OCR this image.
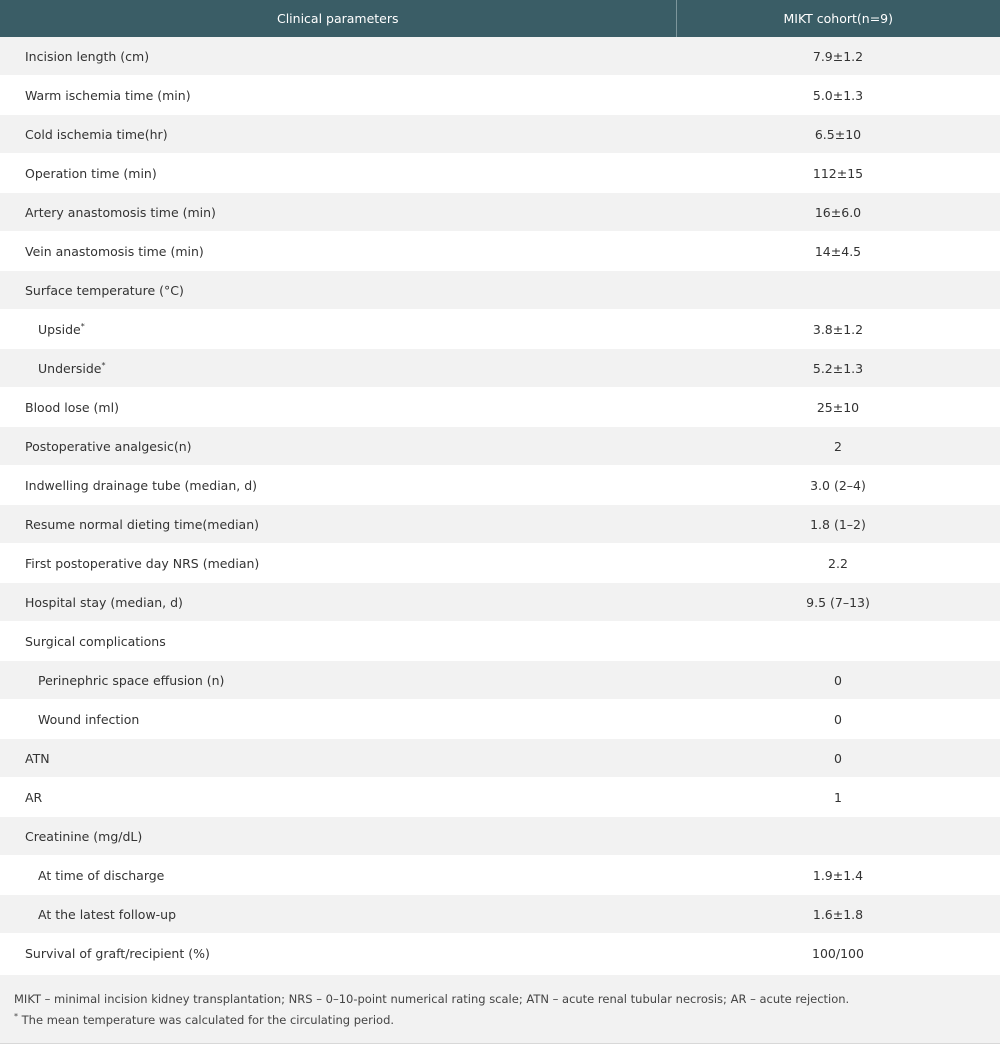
Clinical parameters	MIKT cohort(n=9)
Incision length (cm)	7.9±1.2
Warm ischemia time (min)	5.0±1.3
Cold ischemia time(hr)	6.5±10
Operation time (min)	112±15
Artery anastomosis time (min)	16±6.0
Vein anastomosis time (min)	14±4.5
Surface temperature (°C)	
Upside*	3.8±1.2
Underside*	5.2±1.3
Blood lose (ml)	25±10
Postoperative analgesic(n)	2
Indwelling drainage tube (median, d)	3.0 (2–4)
Resume normal dieting time(median)	1.8 (1–2)
First postoperative day NRS (median)	2.2
Hospital stay (median, d)	9.5 (7–13)
Surgical complications	
Perinephric space effusion (n)	0
Wound infection	0
ATN	0
AR	1
Creatinine (mg/dL)	
At time of discharge	1.9±1.4
At the latest follow-up	1.6±1.8
Survival of graft/recipient (%)	100/100
MIKT – minimal incision kidney transplantation; NRS – 0–10-point numerical rating scale; ATN – acute renal tubular necrosis; AR – acute rejection.
* The mean temperature was calculated for the circulating period.
